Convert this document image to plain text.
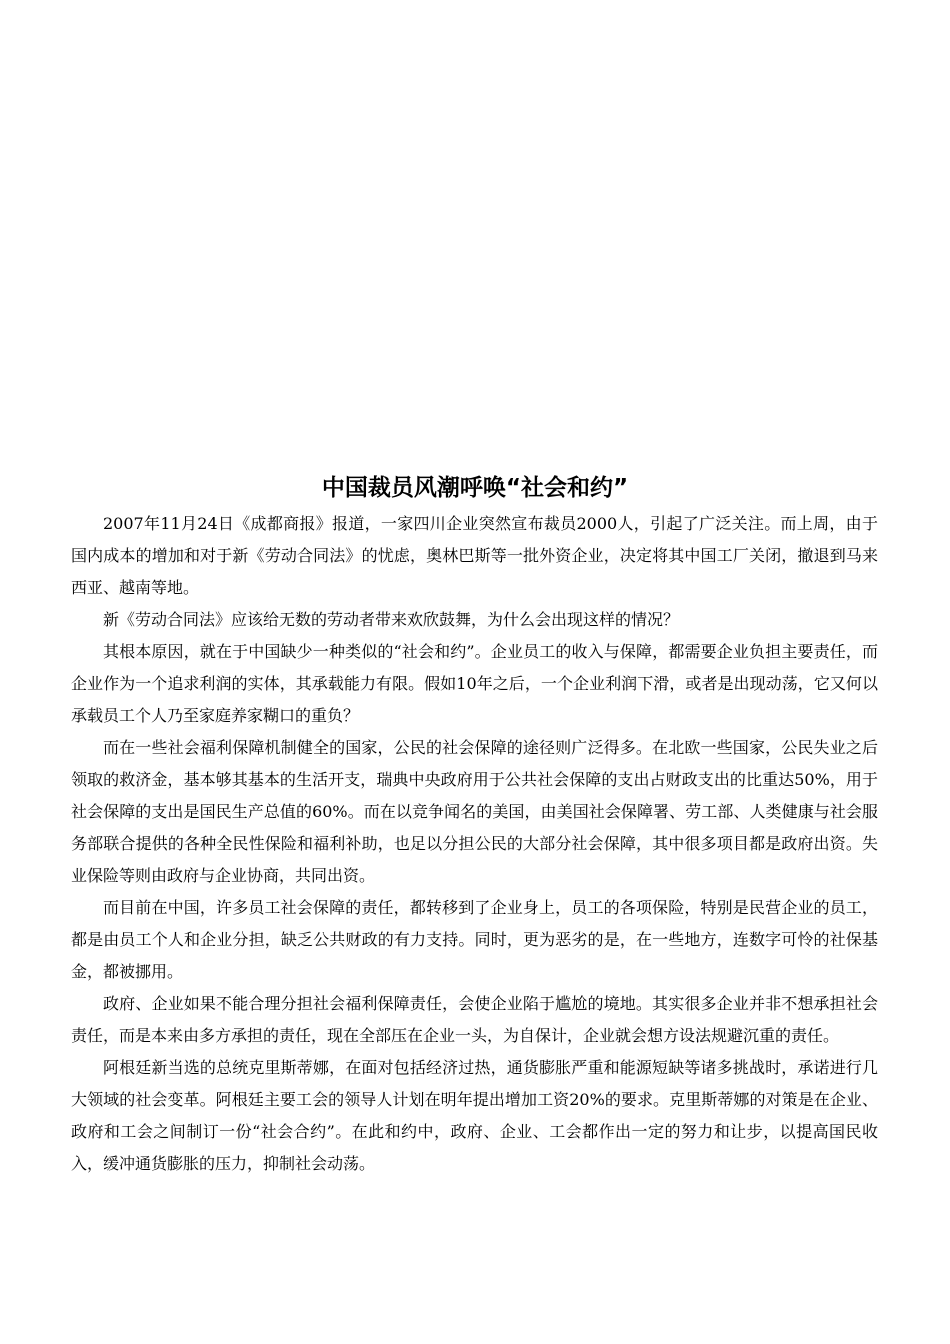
中国裁员风潮呼唤“社会和约”

2007年11月24日《成都商报》报道，一家四川企业突然宣布裁员2000人，引起了广泛关注。而上周，由于国内成本的增加和对于新《劳动合同法》的忧虑，奥林巴斯等一批外资企业，决定将其中国工厂关闭，撤退到马来西亚、越南等地。

新《劳动合同法》应该给无数的劳动者带来欢欣鼓舞，为什么会出现这样的情况？

其根本原因，就在于中国缺少一种类似的“社会和约”。企业员工的收入与保障，都需要企业负担主要责任，而企业作为一个追求利润的实体，其承载能力有限。假如10年之后，一个企业利润下滑，或者是出现动荡，它又何以承载员工个人乃至家庭养家糊口的重负？

而在一些社会福利保障机制健全的国家，公民的社会保障的途径则广泛得多。在北欧一些国家，公民失业之后领取的救济金，基本够其基本的生活开支，瑞典中央政府用于公共社会保障的支出占财政支出的比重达50%，用于社会保障的支出是国民生产总值的60%。而在以竞争闻名的美国，由美国社会保障署、劳工部、人类健康与社会服务部联合提供的各种全民性保险和福利补助，也足以分担公民的大部分社会保障，其中很多项目都是政府出资。失业保险等则由政府与企业协商，共同出资。

而目前在中国，许多员工社会保障的责任，都转移到了企业身上，员工的各项保险，特别是民营企业的员工，都是由员工个人和企业分担，缺乏公共财政的有力支持。同时，更为恶劣的是，在一些地方，连数字可怜的社保基金，都被挪用。

政府、企业如果不能合理分担社会福利保障责任，会使企业陷于尴尬的境地。其实很多企业并非不想承担社会责任，而是本来由多方承担的责任，现在全部压在企业一头，为自保计，企业就会想方设法规避沉重的责任。

阿根廷新当选的总统克里斯蒂娜，在面对包括经济过热，通货膨胀严重和能源短缺等诸多挑战时，承诺进行几大领域的社会变革。阿根廷主要工会的领导人计划在明年提出增加工资20%的要求。克里斯蒂娜的对策是在企业、政府和工会之间制订一份“社会合约”。在此和约中，政府、企业、工会都作出一定的努力和让步，以提高国民收入，缓冲通货膨胀的压力，抑制社会动荡。
